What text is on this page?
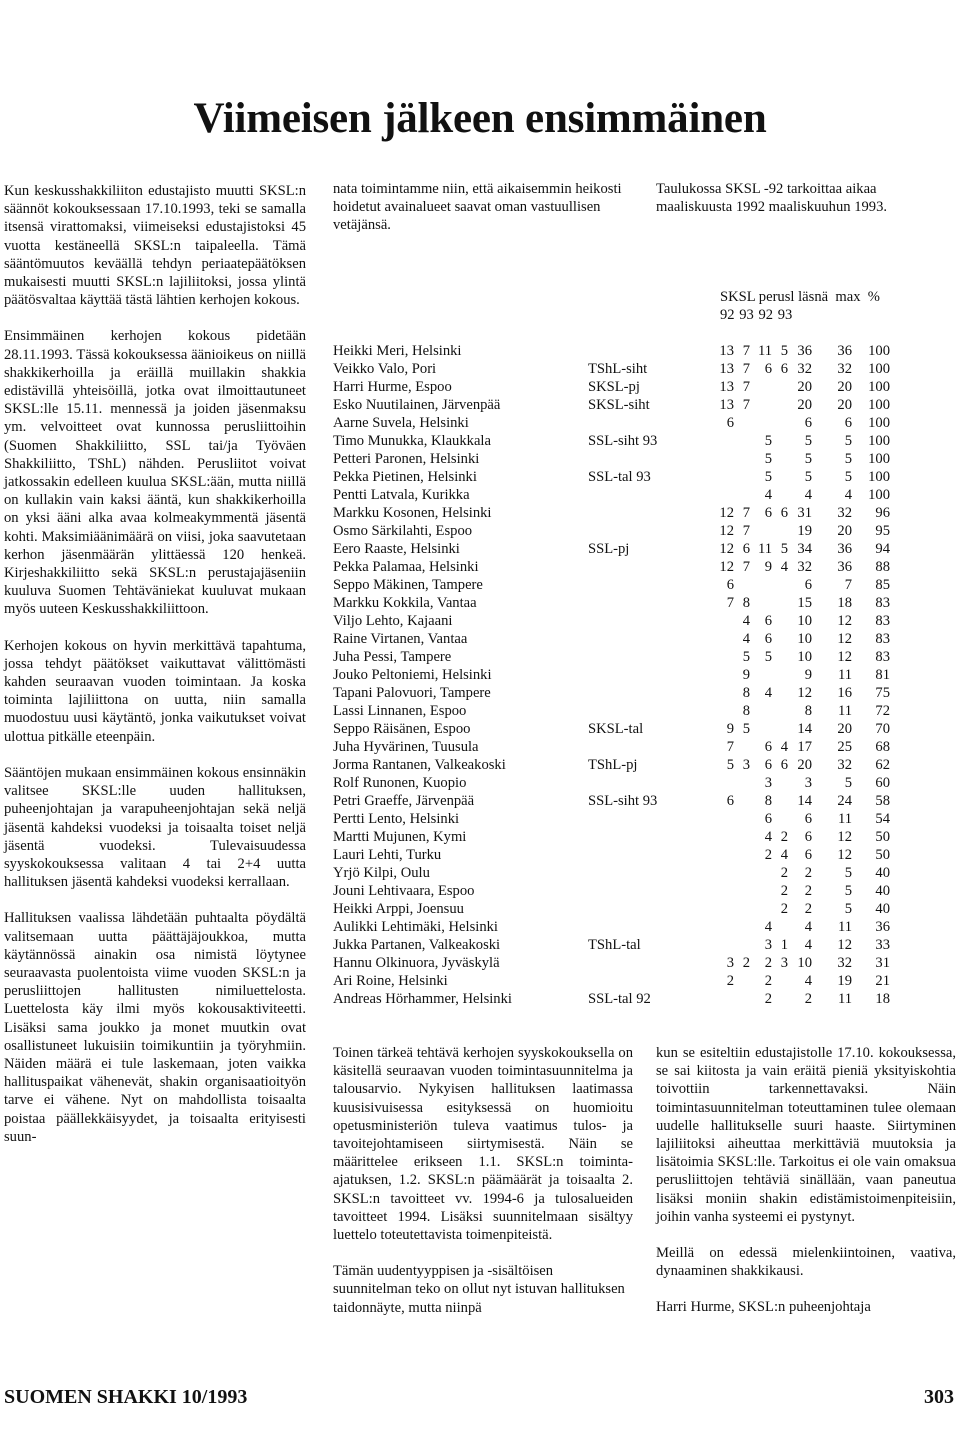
Viimeisen jälkeen ensimmäinen

Kun keskusshakkiliiton edustajisto muutti SKSL:n säännöt kokouksessaan 17.10.1993, teki se samalla itsensä virattomaksi, viimeiseksi edustajistoksi 45 vuotta kestäneellä SKSL:n taipaleella. Tämä sääntömuutos keväällä tehdyn periaatepäätöksen mukaisesti muutti SKSL:n lajiliitoksi, jossa ylintä päätösvaltaa käyttää tästä lähtien kerhojen kokous.

Ensimmäinen kerhojen kokous pidetään 28.11.1993. Tässä kokouksessa äänioikeus on niillä shakkikerhoilla ja eräillä muillakin shakkia edistävillä yhteisöillä, jotka ovat ilmoittautuneet SKSL:lle 15.11. mennessä ja joiden jäsenmaksu ym. velvoitteet ovat kunnossa perusliittoihin (Suomen Shakkiliitto, SSL tai/ja Työväen Shakkiliitto, TShL) nähden. Perusliitot voivat jatkossakin edelleen kuulua SKSL:ään, mutta niillä on kullakin vain kaksi ääntä, kun shakkikerhoilla on yksi ääni alka avaa kolmeakymmentä jäsentä kohti. Maksimiäänimäärä on viisi, joka saavutetaan kerhon jäsenmäärän ylittäessä 120 henkeä. Kirjeshakkiliitto sekä SKSL:n perustajajäseniin kuuluva Suomen Tehtäväniekat kuuluvat mukaan myös uuteen Keskusshakkiliittoon.

Kerhojen kokous on hyvin merkittävä tapahtuma, jossa tehdyt päätökset vaikuttavat välittömästi kahden seuraavan vuoden toimintaan. Ja koska toiminta lajiliittona on uutta, niin samalla muodostuu uusi käytäntö, jonka vaikutukset voivat ulottua pitkälle eteenpäin.

Sääntöjen mukaan ensimmäinen kokous ensinnäkin valitsee SKSL:lle uuden hallituksen, puheenjohtajan ja varapuheenjohtajan sekä neljä jäsentä kahdeksi vuodeksi ja toisaalta toiset neljä jäsentä vuodeksi. Tulevaisuudessa syyskokouksessa valitaan 4 tai 2+4 uutta hallituksen jäsentä kahdeksi vuodeksi kerrallaan.

Hallituksen vaalissa lähdetään puhtaalta pöydältä valitsemaan uutta päättäjäjoukkoa, mutta käytännössä ainakin osa nimistä löytynee seuraavasta puolentoista viime vuoden SKSL:n ja perusliittojen hallitusten nimiluettelosta. Luettelosta käy ilmi myös kokousaktiviteetti. Lisäksi sama joukko ja monet muutkin ovat osallistuneet lukuisiin toimikuntiin ja työryhmiin. Näiden määrä ei tule laskemaan, joten vaikka hallituspaikat vähenevät, shakin organisaatioityön tarve ei vähene. Nyt on mahdollista toisaalta poistaa päällekkäisyydet, ja toisaalta erityisesti suun-

nata toimintamme niin, että aikaisemmin heikosti hoidetut avainalueet saavat oman vastuullisen vetäjänsä.

Taulukossa SKSL -92 tarkoittaa aikaa maaliskuusta 1992 maaliskuuhun 1993.

SKSL perusl läsnä  max  %
92 93 92 93
Heikki Meri, Helsinki		13	7	11	5	36	36	100
Veikko Valo, Pori	TShL-siht	13	7	6	6	32	32	100
Harri Hurme, Espoo	SKSL-pj	13	7			20	20	100
Esko Nuutilainen, Järvenpää	SKSL-siht	13	7			20	20	100
Aarne Suvela, Helsinki		6				6	6	100
Timo Munukka, Klaukkala	SSL-siht 93			5		5	5	100
Petteri Paronen, Helsinki				5		5	5	100
Pekka Pietinen, Helsinki	SSL-tal 93			5		5	5	100
Pentti Latvala, Kurikka				4		4	4	100
Markku Kosonen, Helsinki		12	7	6	6	31	32	96
Osmo Särkilahti, Espoo		12	7			19	20	95
Eero Raaste, Helsinki	SSL-pj	12	6	11	5	34	36	94
Pekka Palamaa, Helsinki		12	7	9	4	32	36	88
Seppo Mäkinen, Tampere		6				6	7	85
Markku Kokkila, Vantaa		7	8			15	18	83
Viljo Lehto, Kajaani			4	6		10	12	83
Raine Virtanen, Vantaa			4	6		10	12	83
Juha Pessi, Tampere			5	5		10	12	83
Jouko Peltoniemi, Helsinki			9			9	11	81
Tapani Palovuori, Tampere			8	4		12	16	75
Lassi Linnanen, Espoo			8			8	11	72
Seppo Räisänen, Espoo	SKSL-tal	9	5			14	20	70
Juha Hyvärinen, Tuusula		7		6	4	17	25	68
Jorma Rantanen, Valkeakoski	TShL-pj	5	3	6	6	20	32	62
Rolf Runonen, Kuopio				3		3	5	60
Petri Graeffe, Järvenpää	SSL-siht 93	6		8		14	24	58
Pertti Lento, Helsinki				6		6	11	54
Martti Mujunen, Kymi				4	2	6	12	50
Lauri Lehti, Turku				2	4	6	12	50
Yrjö Kilpi, Oulu					2	2	5	40
Jouni Lehtivaara, Espoo					2	2	5	40
Heikki Arppi, Joensuu					2	2	5	40
Aulikki Lehtimäki, Helsinki				4		4	11	36
Jukka Partanen, Valkeakoski	TShL-tal			3	1	4	12	33
Hannu Olkinuora, Jyväskylä		3	2	2	3	10	32	31
Ari Roine, Helsinki		2		2		4	19	21
Andreas Hörhammer, Helsinki	SSL-tal 92			2		2	11	18

Toinen tärkeä tehtävä kerhojen syyskokouksella on käsitellä seuraavan vuoden toimintasuunnitelma ja talousarvio. Nykyisen hallituksen laatimassa kuusisivuisessa esityksessä on huomioitu opetusministeriön tuleva vaatimus tulos- ja tavoitejohtamiseen siirtymisestä. Näin se määrittelee erikseen 1.1. SKSL:n toiminta-ajatuksen, 1.2. SKSL:n päämäärät ja toisaalta 2. SKSL:n tavoitteet vv. 1994-6 ja tulosalueiden tavoitteet 1994. Lisäksi suunnitelmaan sisältyy luettelo toteutettavista toimenpiteistä.

Tämän uudentyyppisen ja -sisältöisen suunnitelman teko on ollut nyt istuvan hallituksen taidonnäyte, mutta niinpä

kun se esiteltiin edustajistolle 17.10. kokouksessa, se sai kiitosta ja vain eräitä pieniä yksityiskohtia toivottiin tarkennettavaksi. Näin toimintasuunnitelman toteuttaminen tulee olemaan uudelle hallitukselle suuri haaste. Siirtyminen lajiliitoksi aiheuttaa merkittäviä muutoksia ja lisätoimia SKSL:lle. Tarkoitus ei ole vain omaksua perusliittojen tehtäviä sinällään, vaan paneutua lisäksi moniin shakin edistämistoimenpiteisiin, joihin vanha systeemi ei pystynyt.

Meillä on edessä mielenkiintoinen, vaativa, dynaaminen shakkikausi.

Harri Hurme, SKSL:n puheenjohtaja

SUOMEN SHAKKI 10/1993	303
